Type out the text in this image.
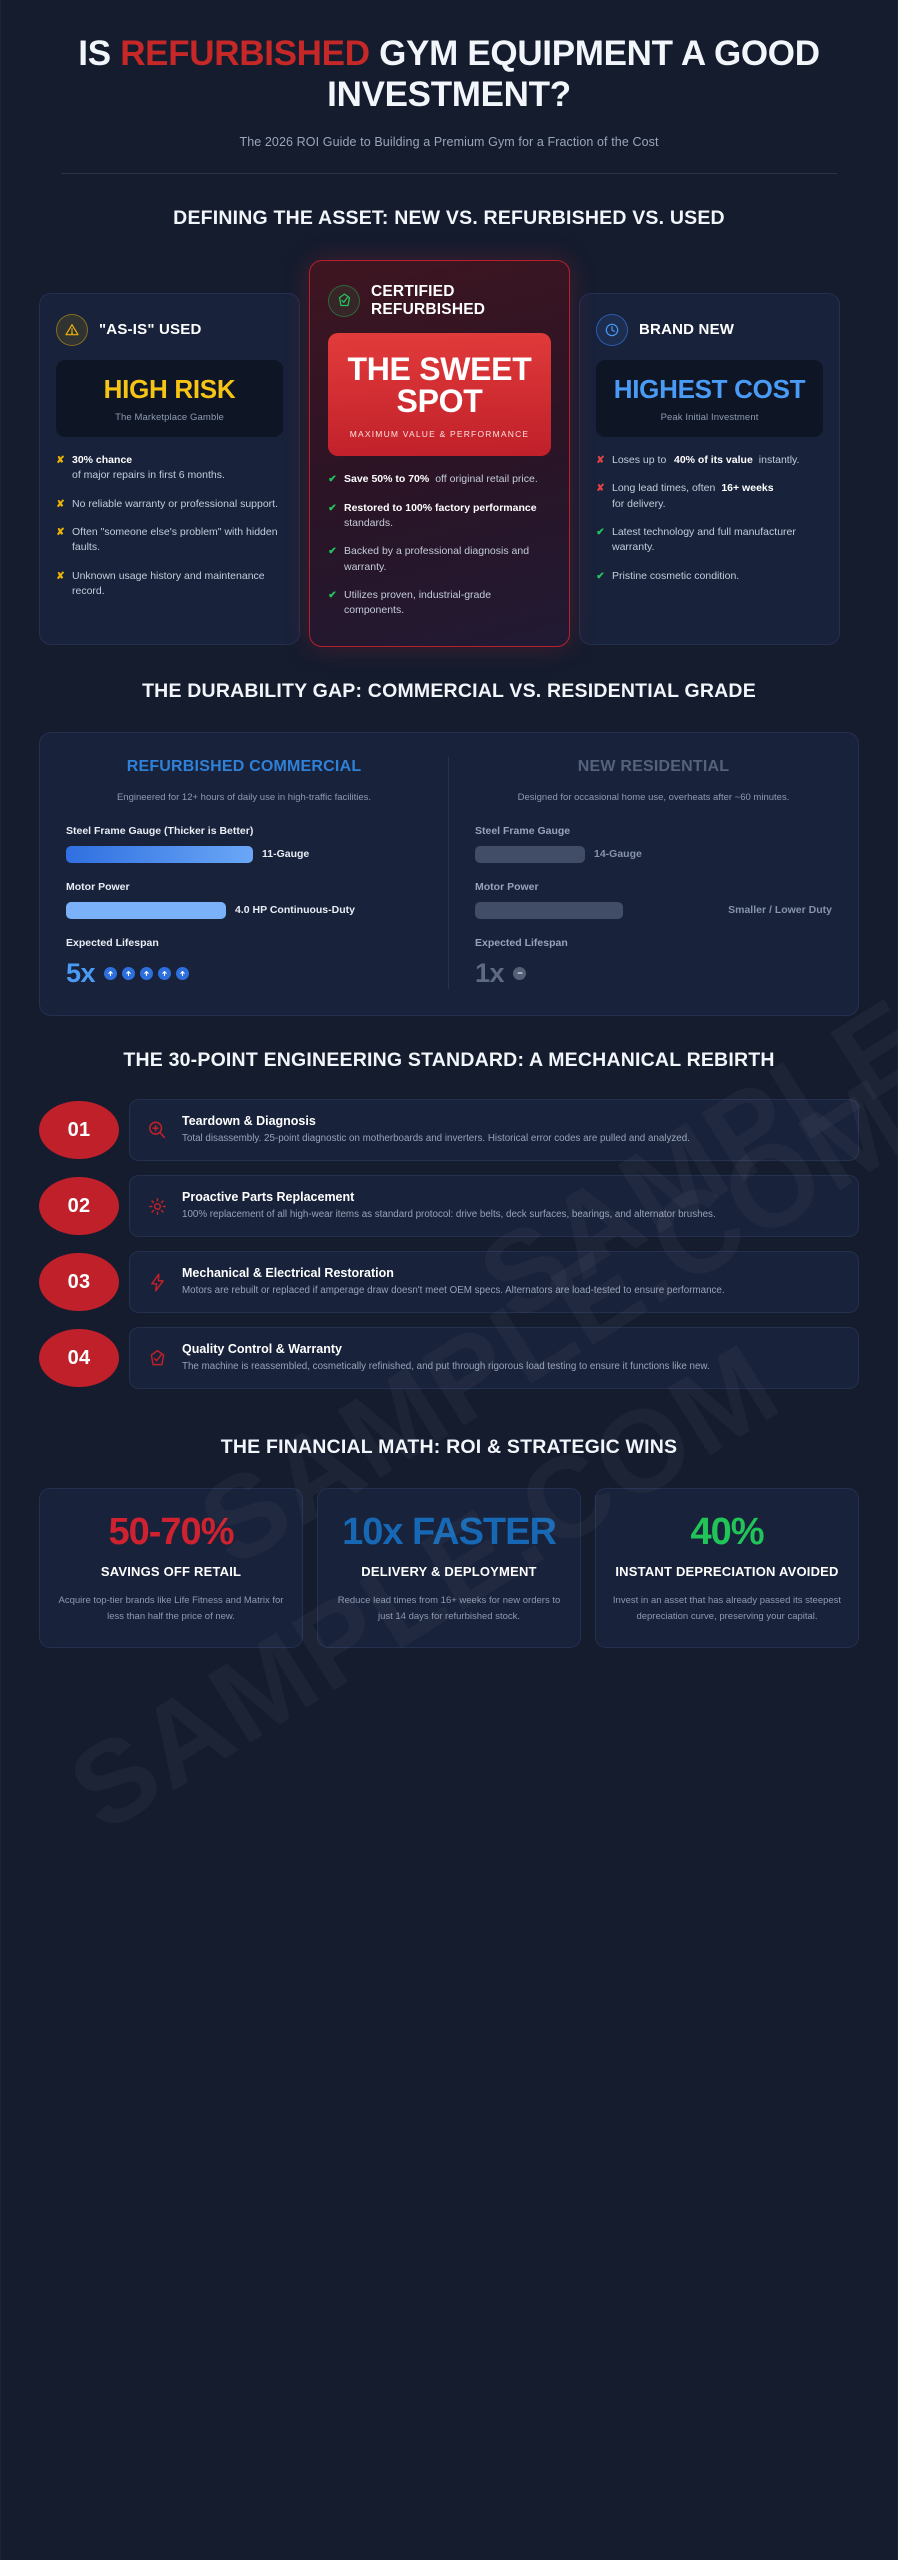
IS REFURBISHED GYM EQUIPMENT A GOOD INVESTMENT?
The 2026 ROI Guide to Building a Premium Gym for a Fraction of the Cost
DEFINING THE ASSET: NEW VS. REFURBISHED VS. USED
"AS-IS" USED
HIGH RISK
The Marketplace Gamble
✘ 30% chance
of major repairs in first 6 months.
✘ No reliable warranty or professional support.
✘ Often "someone else's problem" with hidden faults.
✘ Unknown usage history and maintenance record.
CERTIFIED REFURBISHED
THE SWEET SPOT
MAXIMUM VALUE & PERFORMANCE
✔ Save 50% to 70% off original retail price.
✔ Restored to 100% factory performance
standards.
✔ Backed by a professional diagnosis and warranty.
✔ Utilizes proven, industrial-grade components.
BRAND NEW
HIGHEST COST
Peak Initial Investment
✘ Loses up to 40% of its value instantly.
✘ Long lead times, often 16+ weeks
for delivery.
✔ Latest technology and full manufacturer warranty.
✔ Pristine cosmetic condition.
THE DURABILITY GAP: COMMERCIAL VS. RESIDENTIAL GRADE
REFURBISHED COMMERCIAL
Engineered for 12+ hours of daily use in high-traffic facilities.
Steel Frame Gauge (Thicker is Better)
11-Gauge
Motor Power
4.0 HP Continuous-Duty
Expected Lifespan
5x
NEW RESIDENTIAL
Designed for occasional home use, overheats after ~60 minutes.
Steel Frame Gauge
14-Gauge
Motor Power
Smaller / Lower Duty
Expected Lifespan
1x
THE 30-POINT ENGINEERING STANDARD: A MECHANICAL REBIRTH
01	Teardown & Diagnosis
Total disassembly. 25-point diagnostic on motherboards and inverters. Historical error codes are pulled and analyzed.
02	Proactive Parts Replacement
100% replacement of all high-wear items as standard protocol: drive belts, deck surfaces, bearings, and alternator brushes.
03	Mechanical & Electrical Restoration
Motors are rebuilt or replaced if amperage draw doesn't meet OEM specs. Alternators are load-tested to ensure performance.
04	Quality Control & Warranty
The machine is reassembled, cosmetically refinished, and put through rigorous load testing to ensure it functions like new.
THE FINANCIAL MATH: ROI & STRATEGIC WINS
50-70%
SAVINGS OFF RETAIL
Acquire top-tier brands like Life Fitness and Matrix for less than half the price of new.
10x FASTER
DELIVERY & DEPLOYMENT
Reduce lead times from 16+ weeks for new orders to just 14 days for refurbished stock.
40%
INSTANT DEPRECIATION AVOIDED
Invest in an asset that has already passed its steepest depreciation curve, preserving your capital.
